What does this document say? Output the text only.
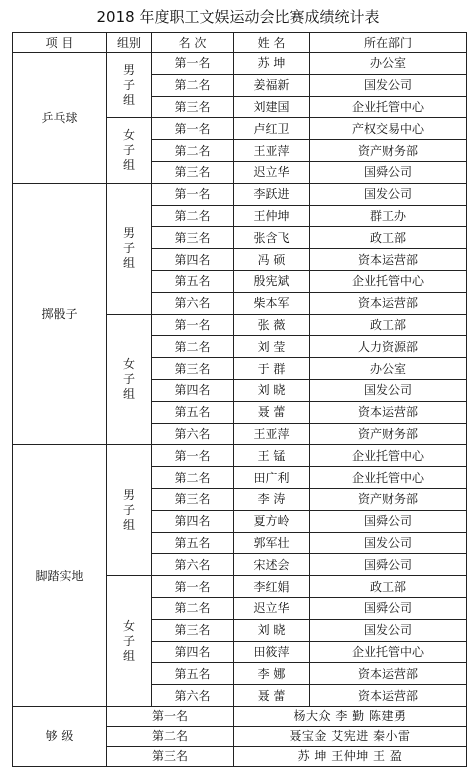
2018 年度职工文娱运动会比赛成绩统计表
项 目	组别	名 次	姓 名	所在部门
乒乓球	男子组	第一名	苏 坤	办公室
		第二名	姜福新	国发公司
		第三名	刘建国	企业托管中心
	女子组	第一名	卢红卫	产权交易中心
		第二名	王亚萍	资产财务部
		第三名	迟立华	国舜公司
掷骰子	男子组	第一名	李跃进	国发公司
		第二名	王仲坤	群工办
		第三名	张含飞	政工部
		第四名	冯 硕	资本运营部
		第五名	殷宪斌	企业托管中心
		第六名	柴本军	资本运营部
	女子组	第一名	张 薇	政工部
		第二名	刘 莹	人力资源部
		第三名	于 群	办公室
		第四名	刘 晓	国发公司
		第五名	聂 蕾	资本运营部
		第六名	王亚萍	资产财务部
脚踏实地	男子组	第一名	王 锰	企业托管中心
		第二名	田广利	企业托管中心
		第三名	李 涛	资产财务部
		第四名	夏方岭	国舜公司
		第五名	郭军壮	国发公司
		第六名	宋述会	国舜公司
	女子组	第一名	李红娟	政工部
		第二名	迟立华	国舜公司
		第三名	刘 晓	国发公司
		第四名	田筱萍	企业托管中心
		第五名	李 娜	资本运营部
		第六名	聂 蕾	资本运营部
够 级	第一名		杨大众 李 勤 陈建勇	
	第二名		聂宝金 艾宪进 秦小雷	
	第三名		苏 坤 王仲坤 王 盈	
